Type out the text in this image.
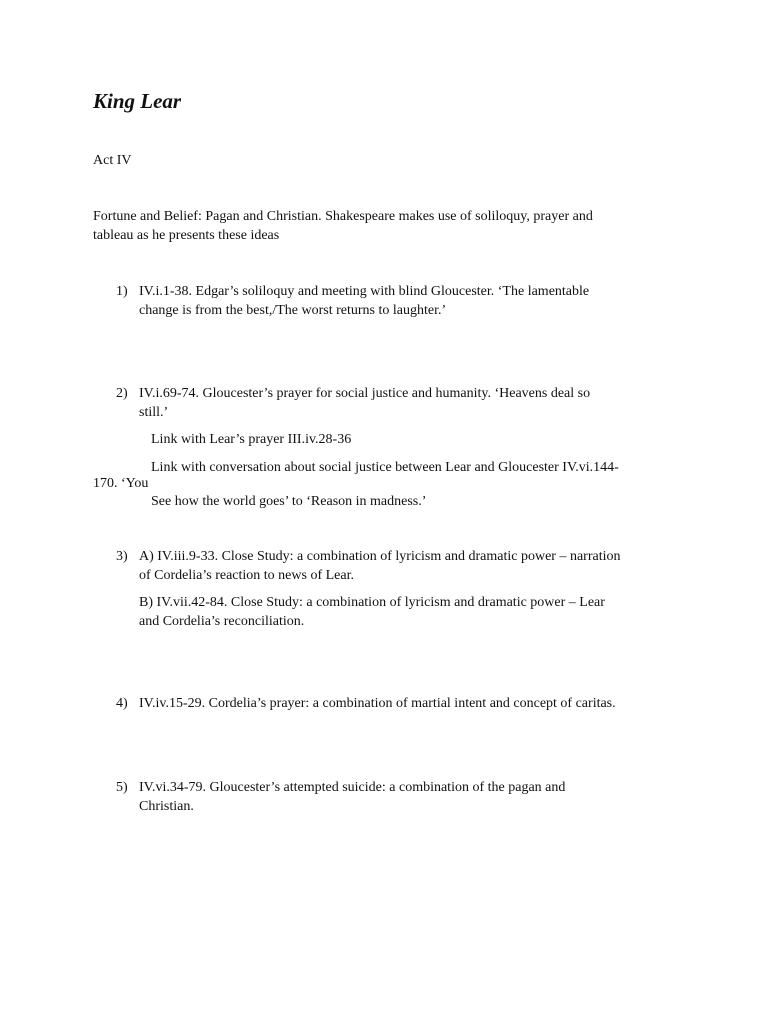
King Lear
Act IV
Fortune and Belief: Pagan and Christian. Shakespeare makes use of soliloquy, prayer and
tableau as he presents these ideas
1) IV.i.1-38. Edgar’s soliloquy and meeting with blind Gloucester. ‘The lamentable
change is from the best,/The worst returns to laughter.’
2) IV.i.69-74. Gloucester’s prayer for social justice and humanity. ‘Heavens deal so
still.’
Link with Lear’s prayer III.iv.28-36
Link with conversation about social justice between Lear and Gloucester IV.vi.144-
170. ‘You
See how the world goes’ to ‘Reason in madness.’
3) A) IV.iii.9-33. Close Study: a combination of lyricism and dramatic power – narration
of Cordelia’s reaction to news of Lear.
B) IV.vii.42-84. Close Study: a combination of lyricism and dramatic power – Lear
and Cordelia’s reconciliation.
4) IV.iv.15-29. Cordelia’s prayer: a combination of martial intent and concept of caritas.
5) IV.vi.34-79. Gloucester’s attempted suicide: a combination of the pagan and
Christian.
